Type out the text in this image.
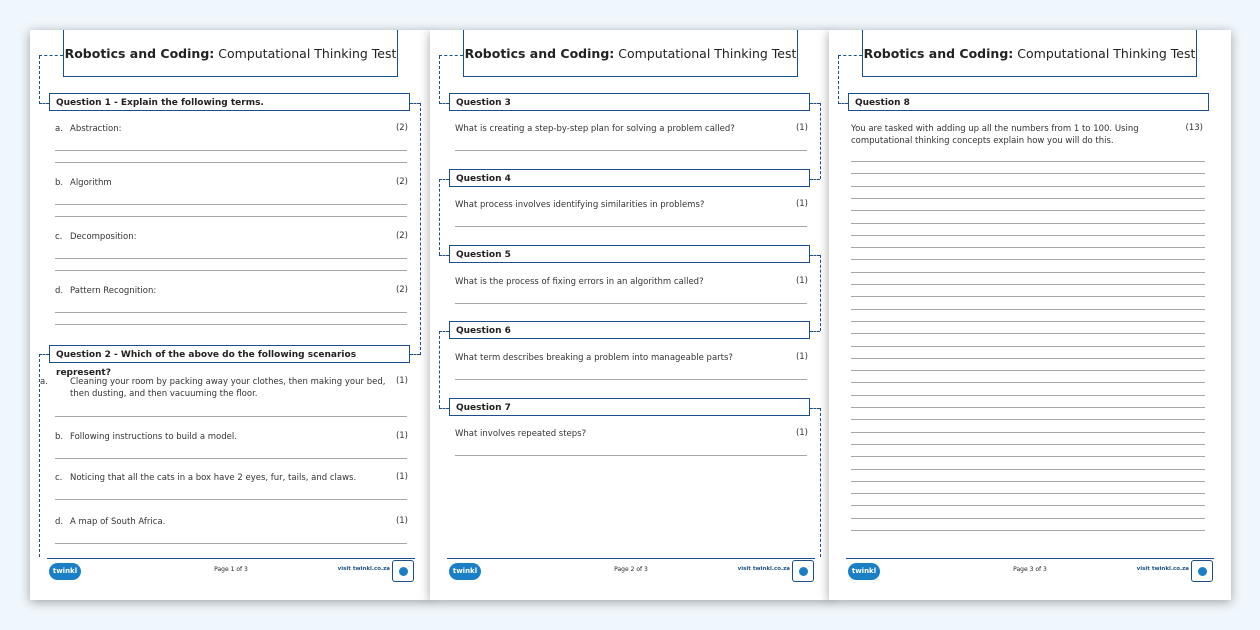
Robotics and Coding: Computational Thinking Test
Question 1 - Explain the following terms.
a. Abstraction:	(2)
b. Algorithm	(2)
c. Decomposition:	(2)
d. Pattern Recognition:	(2)
Question 2 - Which of the above do the following scenarios represent?
a.	Cleaning your room by packing away your clothes, then making your bed, then dusting, and then vacuuming the floor.
(1)
b. Following instructions to build a model.	(1)
c. Noticing that all the cats in a box have 2 eyes, fur, tails, and claws.	(1)
d. A map of South Africa.	(1)
twinkl	Page 1 of 3	visit twinkl.co.za
Robotics and Coding: Computational Thinking Test
Question 3
What is creating a step-by-step plan for solving a problem called?	(1)
Question 4
What process involves identifying similarities in problems?	(1)
Question 5
What is the process of fixing errors in an algorithm called?	(1)
Question 6
What term describes breaking a problem into manageable parts?	(1)
Question 7
What involves repeated steps?	(1)
twinkl	Page 2 of 3	visit twinkl.co.za
Robotics and Coding: Computational Thinking Test
Question 8
You are tasked with adding up all the numbers from 1 to 100. Using computational thinking concepts explain how you will do this.
(13)
twinkl	Page 3 of 3	visit twinkl.co.za
